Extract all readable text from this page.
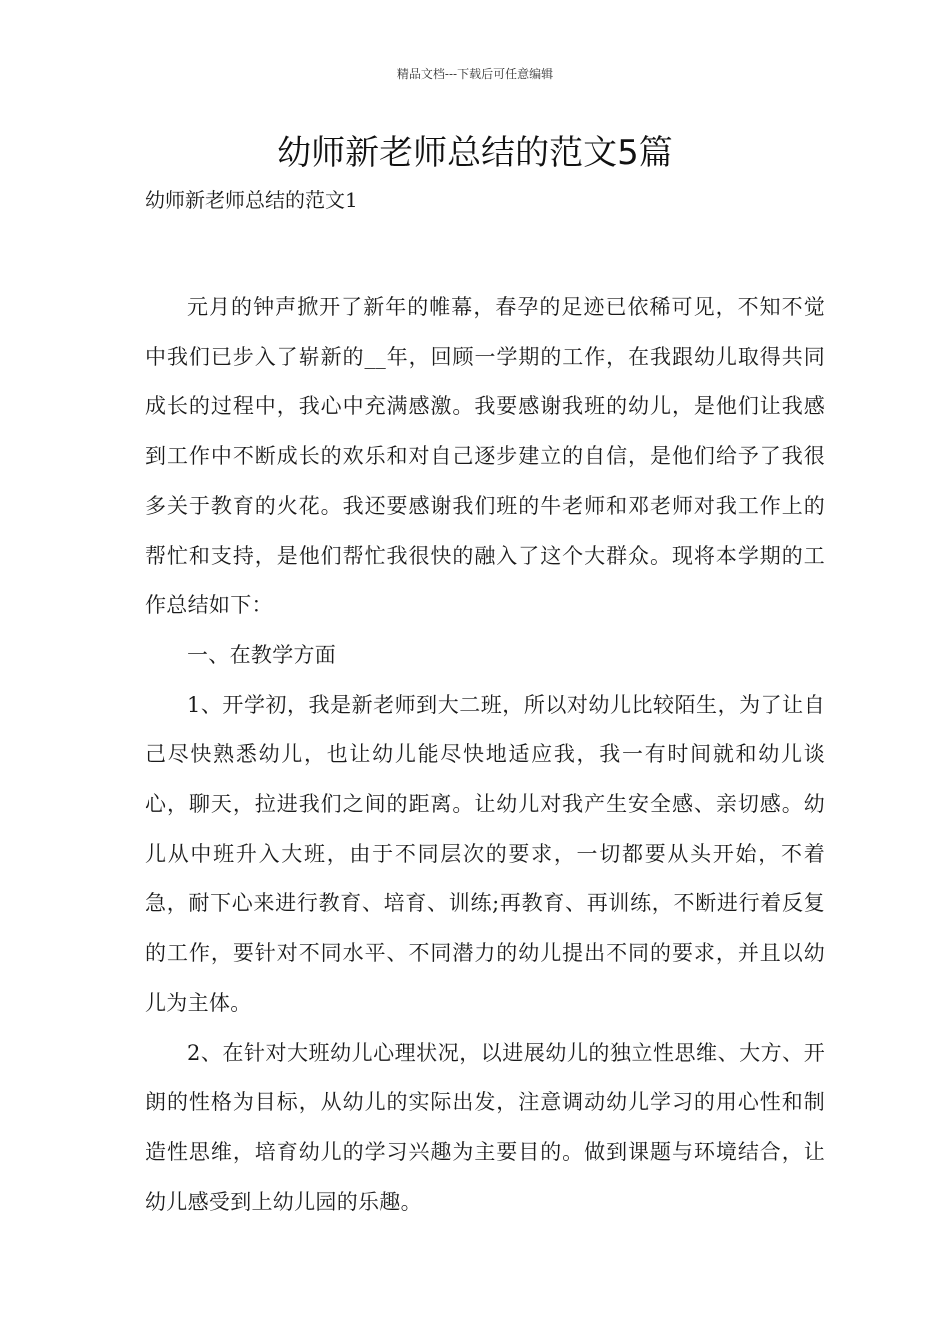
精品文档---下载后可任意编辑
幼师新老师总结的范文5篇

幼师新老师总结的范文1

元月的钟声掀开了新年的帷幕，春孕的足迹已依稀可见，不知不觉中我们已步入了崭新的__年，回顾一学期的工作，在我跟幼儿取得共同成长的过程中，我心中充满感激。我要感谢我班的幼儿，是他们让我感到工作中不断成长的欢乐和对自己逐步建立的自信，是他们给予了我很多关于教育的火花。我还要感谢我们班的牛老师和邓老师对我工作上的帮忙和支持，是他们帮忙我很快的融入了这个大群众。现将本学期的工作总结如下：

一、在教学方面

1、开学初，我是新老师到大二班，所以对幼儿比较陌生，为了让自己尽快熟悉幼儿，也让幼儿能尽快地适应我，我一有时间就和幼儿谈心，聊天，拉进我们之间的距离。让幼儿对我产生安全感、亲切感。幼儿从中班升入大班，由于不同层次的要求，一切都要从头开始，不着急，耐下心来进行教育、培育、训练;再教育、再训练，不断进行着反复的工作，要针对不同水平、不同潜力的幼儿提出不同的要求，并且以幼儿为主体。

2、在针对大班幼儿心理状况，以进展幼儿的独立性思维、大方、开朗的性格为目标，从幼儿的实际出发，注意调动幼儿学习的用心性和制造性思维，培育幼儿的学习兴趣为主要目的。做到课题与环境结合，让幼儿感受到上幼儿园的乐趣。
